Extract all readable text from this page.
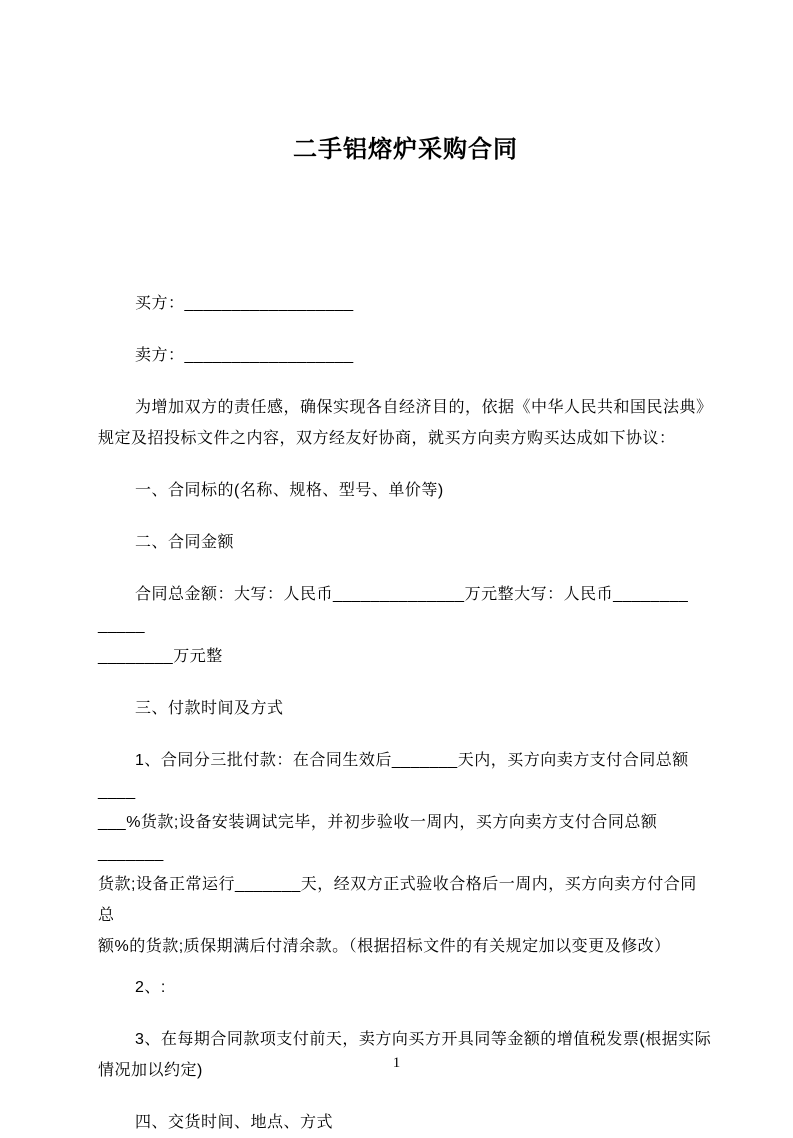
二手铝熔炉采购合同
买方：__________________
卖方：__________________
为增加双方的责任感，确保实现各自经济目的，依据《中华人民共和国民法典》
规定及招投标文件之内容，双方经友好协商，就买方向卖方购买达成如下协议：
一、合同标的(名称、规格、型号、单价等)
二、合同金额
合同总金额：大写：人民币______________万元整大写：人民币________ _____
________万元整
三、付款时间及方式
1、合同分三批付款：在合同生效后_______天内，买方向卖方支付合同总额____
___%货款;设备安装调试完毕，并初步验收一周内，买方向卖方支付合同总额_______
货款;设备正常运行_______天，经双方正式验收合格后一周内，买方向卖方付合同总
额%的货款;质保期满后付清余款。（根据招标文件的有关规定加以变更及修改）
2、:
3、在每期合同款项支付前天，卖方向买方开具同等金额的增值税发票(根据实际
情况加以约定)
四、交货时间、地点、方式
1
